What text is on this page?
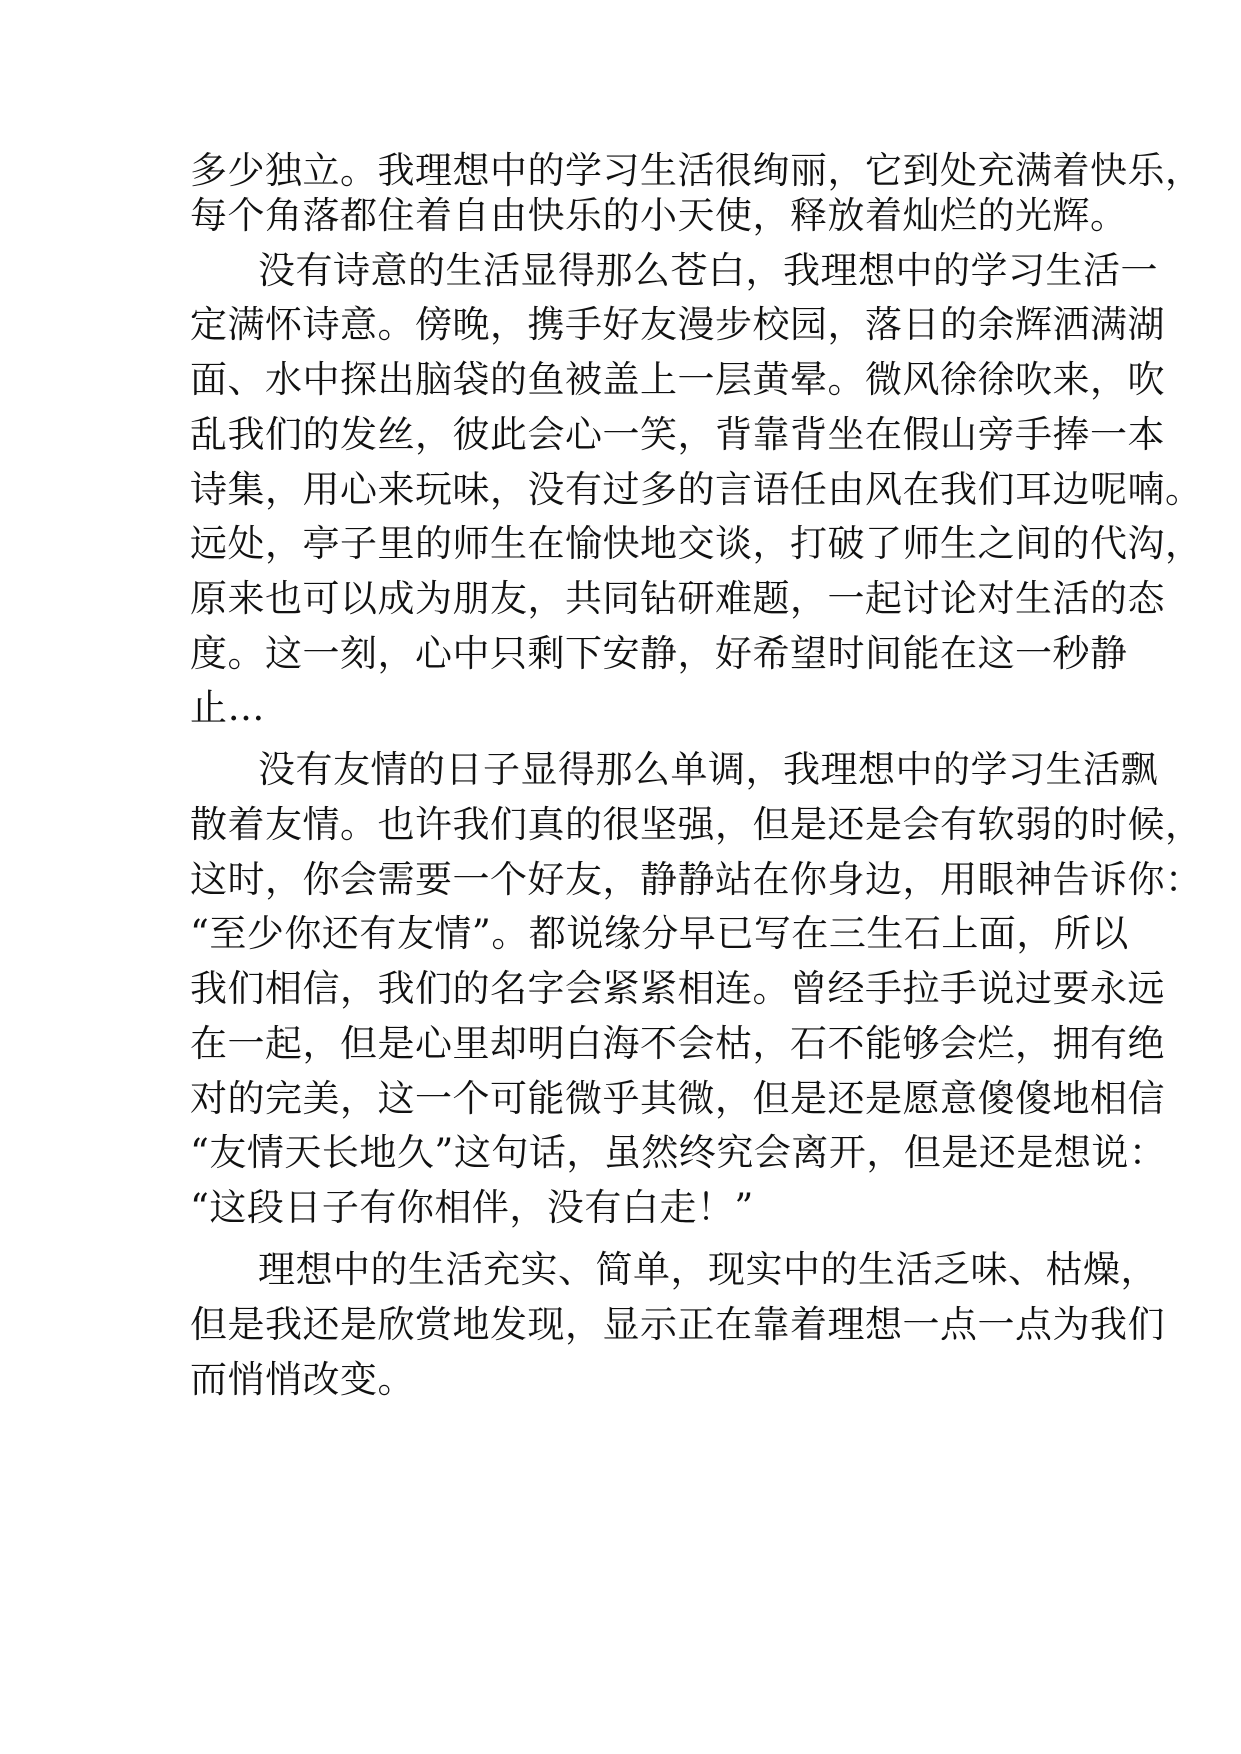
多少独立。我理想中的学习生活很绚丽，它到处充满着快乐，
每个角落都住着自由快乐的小天使，释放着灿烂的光辉。
没有诗意的生活显得那么苍白，我理想中的学习生活一
定满怀诗意。傍晚，携手好友漫步校园，落日的余辉洒满湖
面、水中探出脑袋的鱼被盖上一层黄晕。微风徐徐吹来，吹
乱我们的发丝，彼此会心一笑，背靠背坐在假山旁手捧一本
诗集，用心来玩味，没有过多的言语任由风在我们耳边呢喃。
远处，亭子里的师生在愉快地交谈，打破了师生之间的代沟，
原来也可以成为朋友，共同钻研难题，一起讨论对生活的态
度。这一刻，心中只剩下安静，好希望时间能在这一秒静
止…
没有友情的日子显得那么单调，我理想中的学习生活飘
散着友情。也许我们真的很坚强，但是还是会有软弱的时候，
这时，你会需要一个好友，静静站在你身边，用眼神告诉你：
“至少你还有友情”。都说缘分早已写在三生石上面，所以
我们相信，我们的名字会紧紧相连。曾经手拉手说过要永远
在一起，但是心里却明白海不会枯，石不能够会烂，拥有绝
对的完美，这一个可能微乎其微，但是还是愿意傻傻地相信
“友情天长地久”这句话，虽然终究会离开，但是还是想说：
“这段日子有你相伴，没有白走！”
理想中的生活充实、简单，现实中的生活乏味、枯燥，
但是我还是欣赏地发现，显示正在靠着理想一点一点为我们
而悄悄改变。
